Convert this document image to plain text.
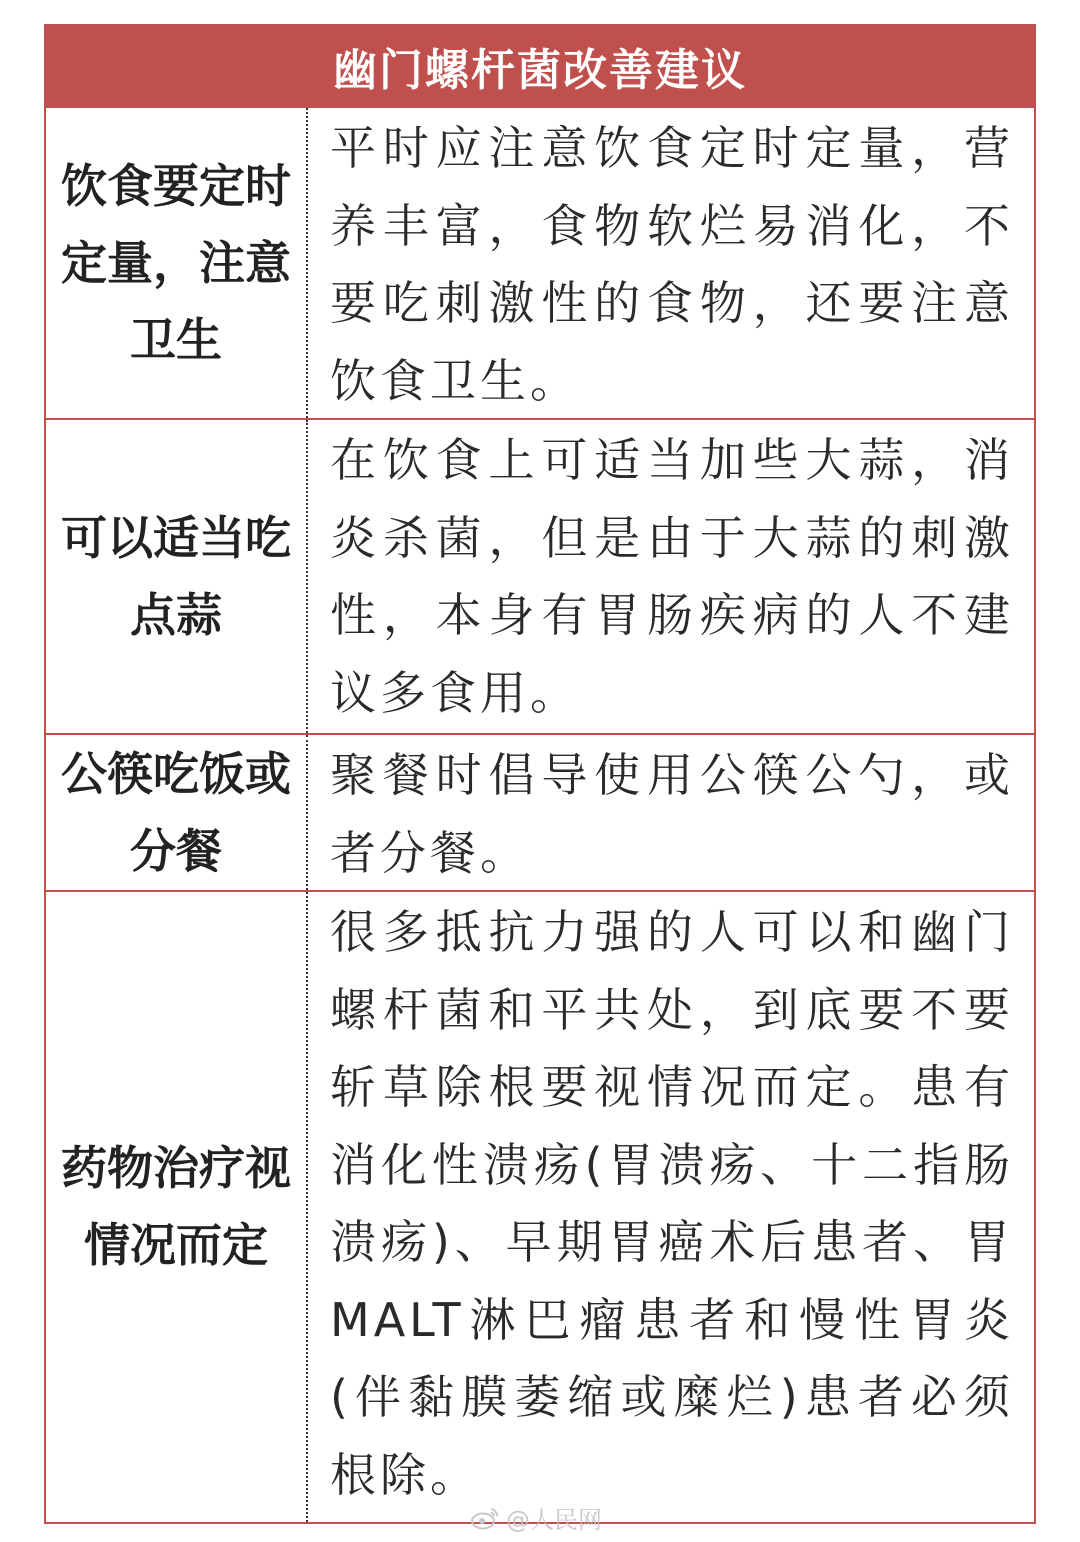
幽门螺杆菌改善建议
饮食要定时定量，注意卫生
平时应注意饮食定时定量，营养丰富，食物软烂易消化，不要吃刺激性的食物，还要注意饮食卫生。
可以适当吃点蒜
在饮食上可适当加些大蒜，消炎杀菌，但是由于大蒜的刺激性，本身有胃肠疾病的人不建议多食用。
公筷吃饭或分餐
聚餐时倡导使用公筷公勺，或者分餐。
药物治疗视情况而定
很多抵抗力强的人可以和幽门螺杆菌和平共处，到底要不要斩草除根要视情况而定。患有消化性溃疡(胃溃疡、十二指肠溃疡)、早期胃癌术后患者、胃MALT淋巴瘤患者和慢性胃炎(伴黏膜萎缩或糜烂)患者必须根除。
@人民网
